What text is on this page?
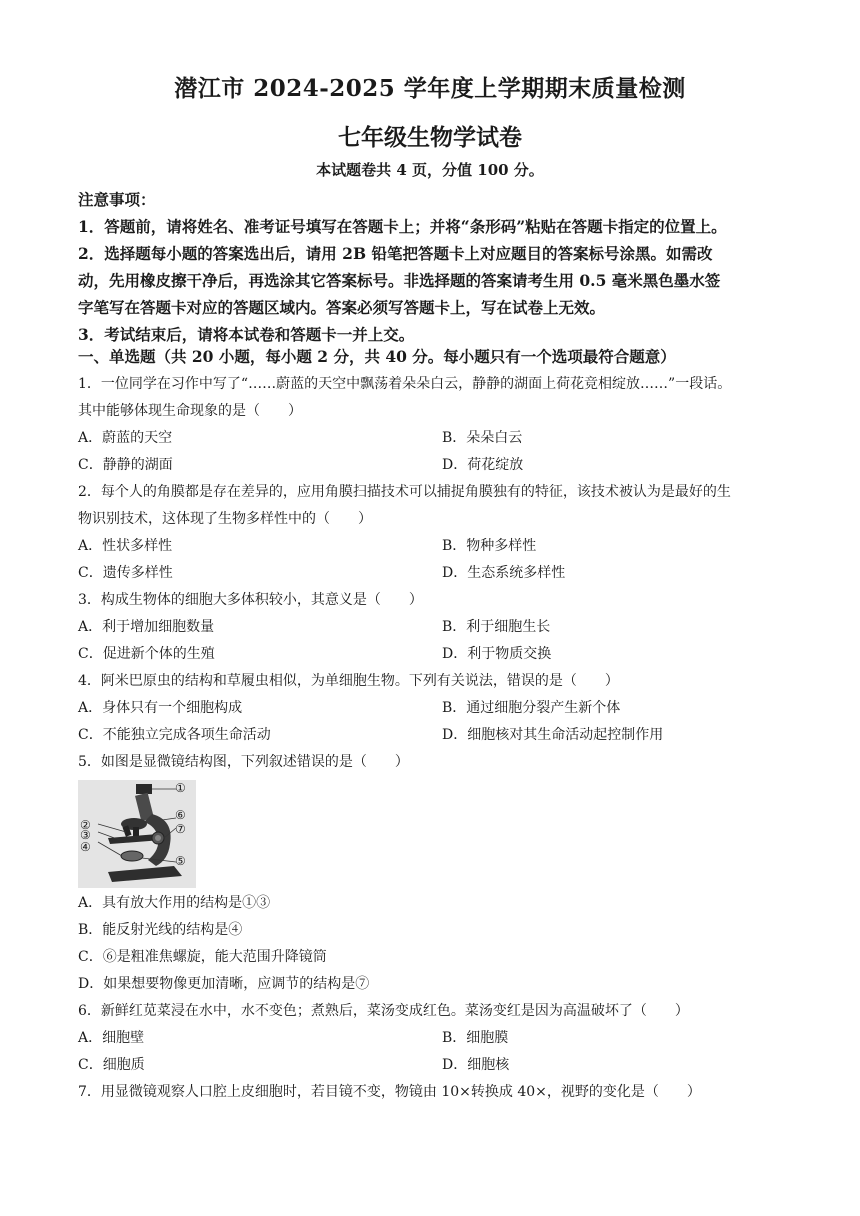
潜江市 2024-2025 学年度上学期期末质量检测
七年级生物学试卷
本试题卷共 4 页，分值 100 分。
注意事项：
1．答题前，请将姓名、准考证号填写在答题卡上；并将“条形码”粘贴在答题卡指定的位置上。
2．选择题每小题的答案选出后，请用 2B 铅笔把答题卡上对应题目的答案标号涂黑。如需改
动，先用橡皮擦干净后，再选涂其它答案标号。非选择题的答案请考生用 0.5 毫米黑色墨水签
字笔写在答题卡对应的答题区域内。答案必须写答题卡上，写在试卷上无效。
3．考试结束后，请将本试卷和答题卡一并上交。
一、单选题（共 20 小题，每小题 2 分，共 40 分。每小题只有一个选项最符合题意）
1．一位同学在习作中写了“……蔚蓝的天空中飘荡着朵朵白云，静静的湖面上荷花竞相绽放……”一段话。
其中能够体现生命现象的是（　　）
A．蔚蓝的天空	B．朵朵白云
C．静静的湖面	D．荷花绽放
2．每个人的角膜都是存在差异的，应用角膜扫描技术可以捕捉角膜独有的特征，该技术被认为是最好的生
物识别技术，这体现了生物多样性中的（　　）
A．性状多样性	B．物种多样性
C．遗传多样性	D．生态系统多样性
3．构成生物体的细胞大多体积较小，其意义是（　　）
A．利于增加细胞数量	B．利于细胞生长
C．促进新个体的生殖	D．利于物质交换
4．阿米巴原虫的结构和草履虫相似，为单细胞生物。下列有关说法，错误的是（　　）
A．身体只有一个细胞构成	B．通过细胞分裂产生新个体
C．不能独立完成各项生命活动	D．细胞核对其生命活动起控制作用
5．如图是显微镜结构图，下列叙述错误的是（　　）
①
⑥
⑦
⑤
②
③
④
A．具有放大作用的结构是①③
B．能反射光线的结构是④
C．⑥是粗准焦螺旋，能大范围升降镜筒
D．如果想要物像更加清晰，应调节的结构是⑦
6．新鲜红苋菜浸在水中，水不变色；煮熟后，菜汤变成红色。菜汤变红是因为高温破坏了（　　）
A．细胞壁	B．细胞膜
C．细胞质	D．细胞核
7．用显微镜观察人口腔上皮细胞时，若目镜不变，物镜由 10×转换成 40×，视野的变化是（　　）
